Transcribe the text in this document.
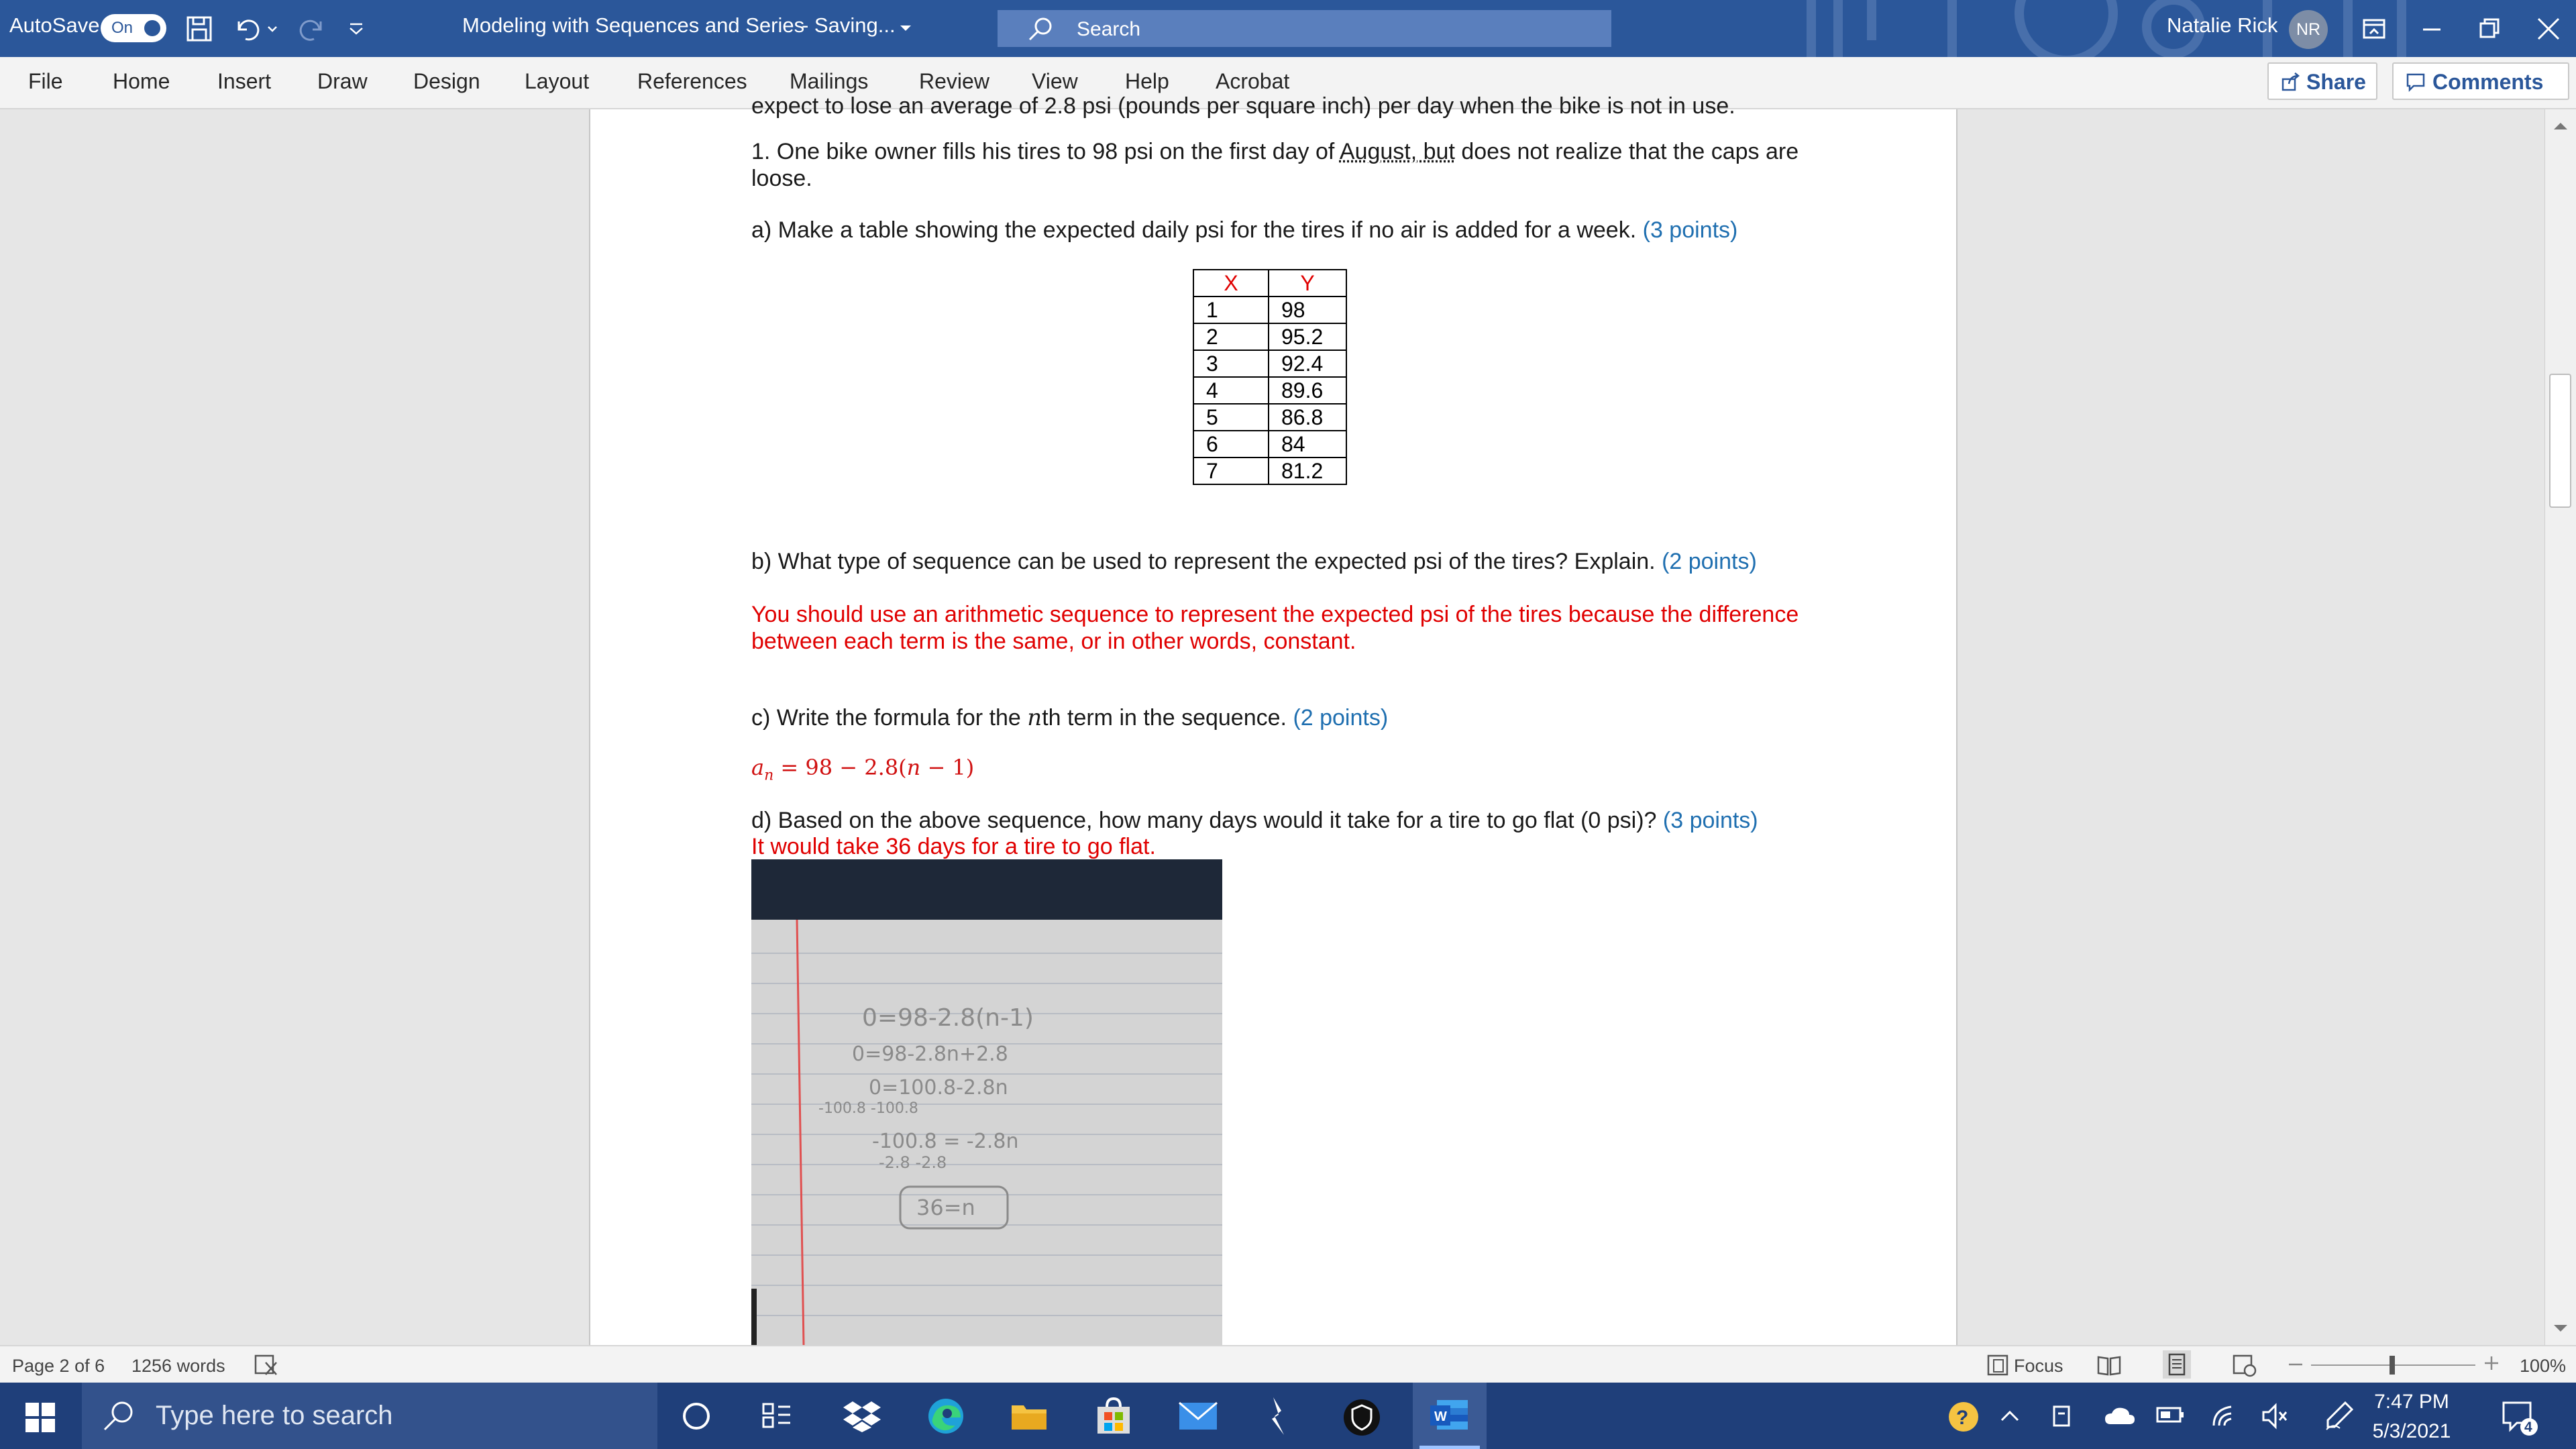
AutoSave On	Modeling with Sequences and Series
- Saving...	Search	Natalie Rick	NR
File Home Insert Draw Design Layout References Mailings Review View Help Acrobat	Share	Comments
expect to lose an average of 2.8 psi (pounds per square inch) per day when the bike is not in use.
1. One bike owner fills his tires to 98 psi on the first day of August, but does not realize that the caps are
loose.
a) Make a table showing the expected daily psi for the tires if no air is added for a week. (3 points)
X	Y
1	98
2	95.2
3	92.4
4	89.6
5	86.8
6	84
7	81.2
b) What type of sequence can be used to represent the expected psi of the tires? Explain. (2 points)
You should use an arithmetic sequence to represent the expected psi of the tires because the difference
between each term is the same, or in other words, constant.
c) Write the formula for the nth term in the sequence. (2 points)
$a_n = 98 - 2.8(n - 1)$
d) Based on the above sequence, how many days would it take for a tire to go flat (0 psi)? (3 points)
It would take 36 days for a tire to go flat.
0=98-2.8(n-1)
0=98-2.8n+2.8
0=100.8-2.8n
-100.8 -100.8
-100.8 = -2.8n
-2.8 -2.8
36=n
Page 2 of 6 1256 words	Focus	100%
Type here to search	W	?
7:47 PM
5/3/2021	4
